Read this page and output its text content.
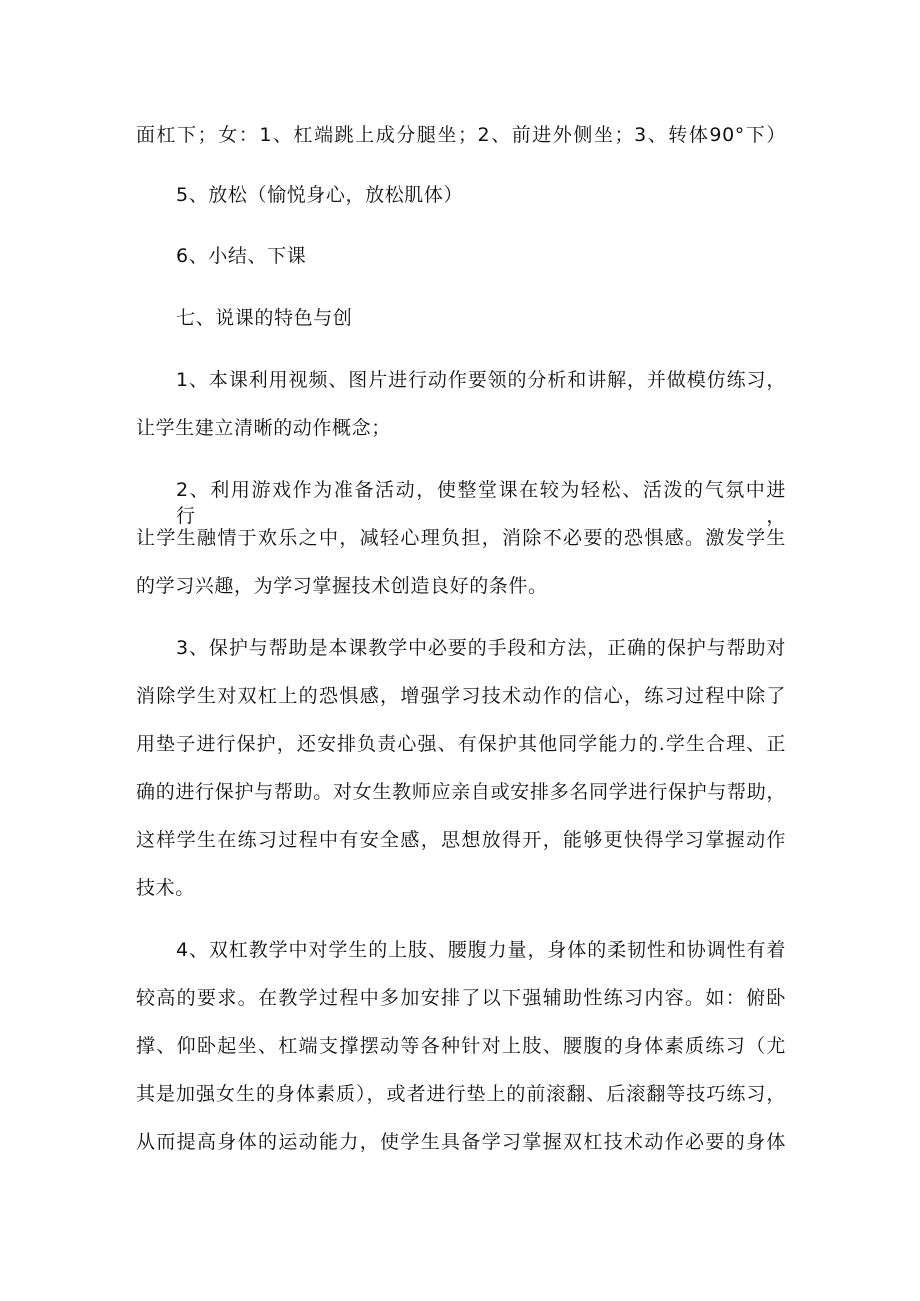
面杠下；女：1、杠端跳上成分腿坐；2、前进外侧坐；3、转体90°下）
5、放松（愉悦身心，放松肌体）
6、小结、下课
七、说课的特色与创
1、本课利用视频、图片进行动作要领的分析和讲解，并做模仿练习，
让学生建立清晰的动作概念；
2、利用游戏作为准备活动，使整堂课在较为轻松、活泼的气氛中进行，
让学生融情于欢乐之中，减轻心理负担，消除不必要的恐惧感。激发学生
的学习兴趣，为学习掌握技术创造良好的条件。
3、保护与帮助是本课教学中必要的手段和方法，正确的保护与帮助对
消除学生对双杠上的恐惧感，增强学习技术动作的信心，练习过程中除了
用垫子进行保护，还安排负责心强、有保护其他同学能力的.学生合理、正
确的进行保护与帮助。对女生教师应亲自或安排多名同学进行保护与帮助，
这样学生在练习过程中有安全感，思想放得开，能够更快得学习掌握动作
技术。
4、双杠教学中对学生的上肢、腰腹力量，身体的柔韧性和协调性有着
较高的要求。在教学过程中多加安排了以下强辅助性练习内容。如：俯卧
撑、仰卧起坐、杠端支撑摆动等各种针对上肢、腰腹的身体素质练习（尤
其是加强女生的身体素质），或者进行垫上的前滚翻、后滚翻等技巧练习，
从而提高身体的运动能力，使学生具备学习掌握双杠技术动作必要的身体
